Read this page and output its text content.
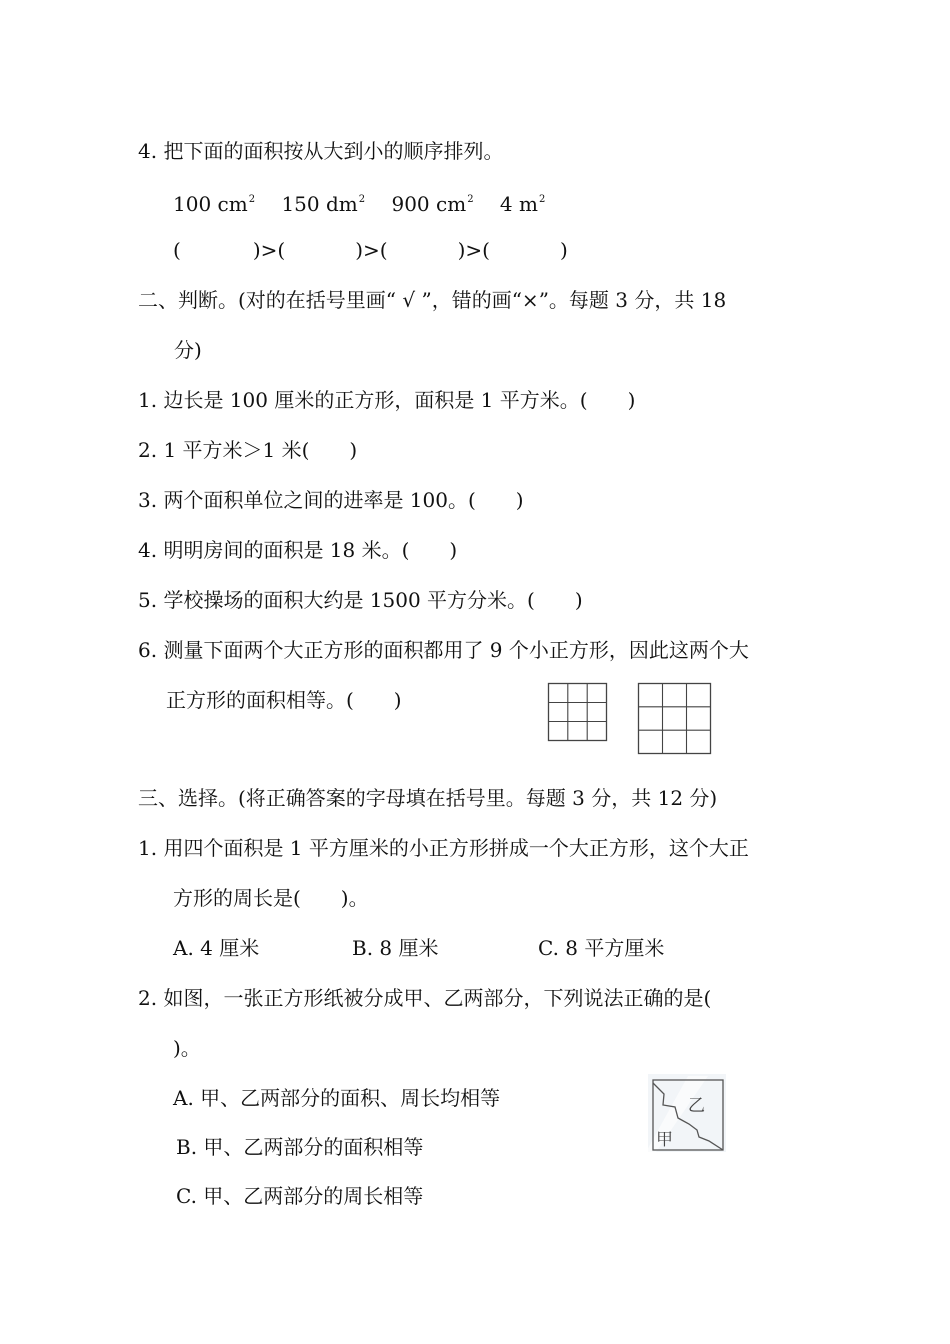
4. 把下面的面积按从大到小的顺序排列。
100 $cm^2$ 150 $dm^2$ 900 $cm^2$ 4 $m^2$
(	)>(	)>(	)>(	)
二、判断。(对的在括号里画“ √ ”，错的画“×”。每题 3 分，共 18
分)
1. 边长是 100 厘米的正方形，面积是 1 平方米。(　　)
2. 1 平方米＞1 米(　　)
3. 两个面积单位之间的进率是 100。(　　)
4. 明明房间的面积是 18 米。(　　)
5. 学校操场的面积大约是 1500 平方分米。(　　)
6. 测量下面两个大正方形的面积都用了 9 个小正方形，因此这两个大
正方形的面积相等。(　　)
三、选择。(将正确答案的字母填在括号里。每题 3 分，共 12 分)
1. 用四个面积是 1 平方厘米的小正方形拼成一个大正方形，这个大正
方形的周长是(　　)。
A. 4 厘米	B. 8 厘米	C. 8 平方厘米
2. 如图，一张正方形纸被分成甲、乙两部分，下列说法正确的是(
)。
A. 甲、乙两部分的面积、周长均相等
B. 甲、乙两部分的面积相等
C. 甲、乙两部分的周长相等
乙
甲
